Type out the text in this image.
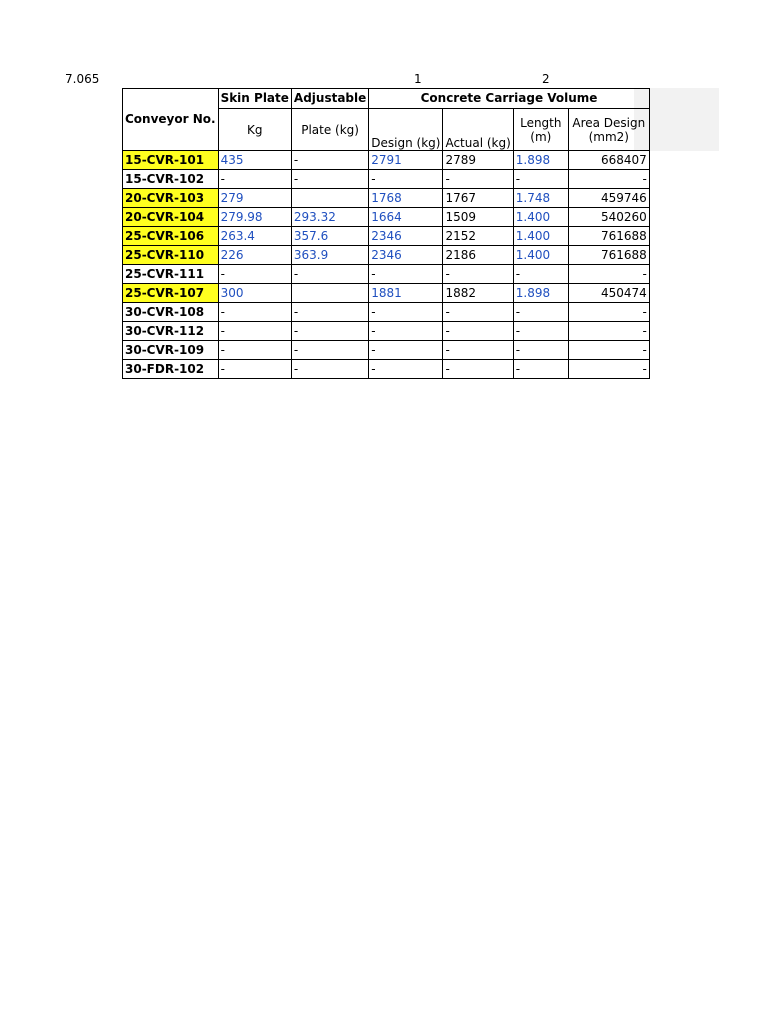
7.065	1	2
Conveyor No.	Skin Plate	Adjustable	Concrete Carriage Volume			
	Kg	Plate (kg)	Design (kg)	Actual (kg)	Length (m)	Area Design (mm2)
15-CVR-101	435	-	2791	2789	1.898	668407
15-CVR-102	-	-	-	-	-	-
20-CVR-103	279		1768	1767	1.748	459746
20-CVR-104	279.98	293.32	1664	1509	1.400	540260
25-CVR-106	263.4	357.6	2346	2152	1.400	761688
25-CVR-110	226	363.9	2346	2186	1.400	761688
25-CVR-111	-	-	-	-	-	-
25-CVR-107	300		1881	1882	1.898	450474
30-CVR-108	-	-	-	-	-	-
30-CVR-112	-	-	-	-	-	-
30-CVR-109	-	-	-	-	-	-
30-FDR-102	-	-	-	-	-	-
